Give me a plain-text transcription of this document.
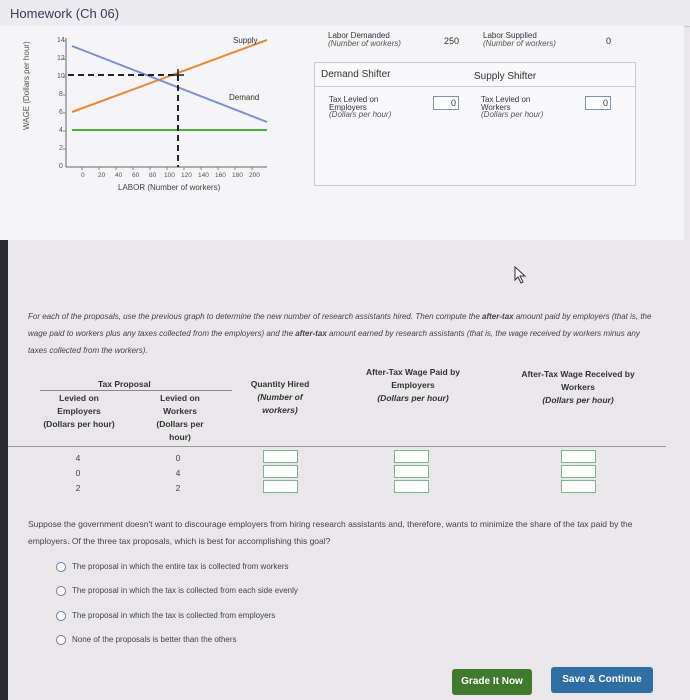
Homework (Ch 06)
WAGE (Dollars per hour)
14
12
10
8
6
4
2
0
0 20 40 60 80 100 120 140 160 180 200
LABOR (Number of workers)
Supply
Demand
Labor Demanded
(Number of workers)	250
Labor Supplied
(Number of workers)	0
Demand Shifter	Supply Shifter
Tax Levied on
Employers
(Dollars per hour)
0	Tax Levied on
Workers
(Dollars per hour)
0
For each of the proposals, use the previous graph to determine the new number of research assistants hired. Then compute the after-tax amount paid by employers (that is, the wage paid to workers plus any taxes collected from the employers) and the after-tax amount earned by research assistants (that is, the wage received by workers minus any taxes collected from the workers).
Tax Proposal
Levied on
Employers
(Dollars per hour)
Levied on
Workers
(Dollars per
hour)
Quantity Hired
(Number of
workers)
After-Tax Wage Paid by
Employers
(Dollars per hour)
After-Tax Wage Received by
Workers
(Dollars per hour)
4	0
0	4
2	2
Suppose the government doesn't want to discourage employers from hiring research assistants and, therefore, wants to minimize the share of the tax paid by the employers. Of the three tax proposals, which is best for accomplishing this goal?
The proposal in which the entire tax is collected from workers
The proposal in which the tax is collected from each side evenly
The proposal in which the tax is collected from employers
None of the proposals is better than the others
Grade It Now	Save & Continue
